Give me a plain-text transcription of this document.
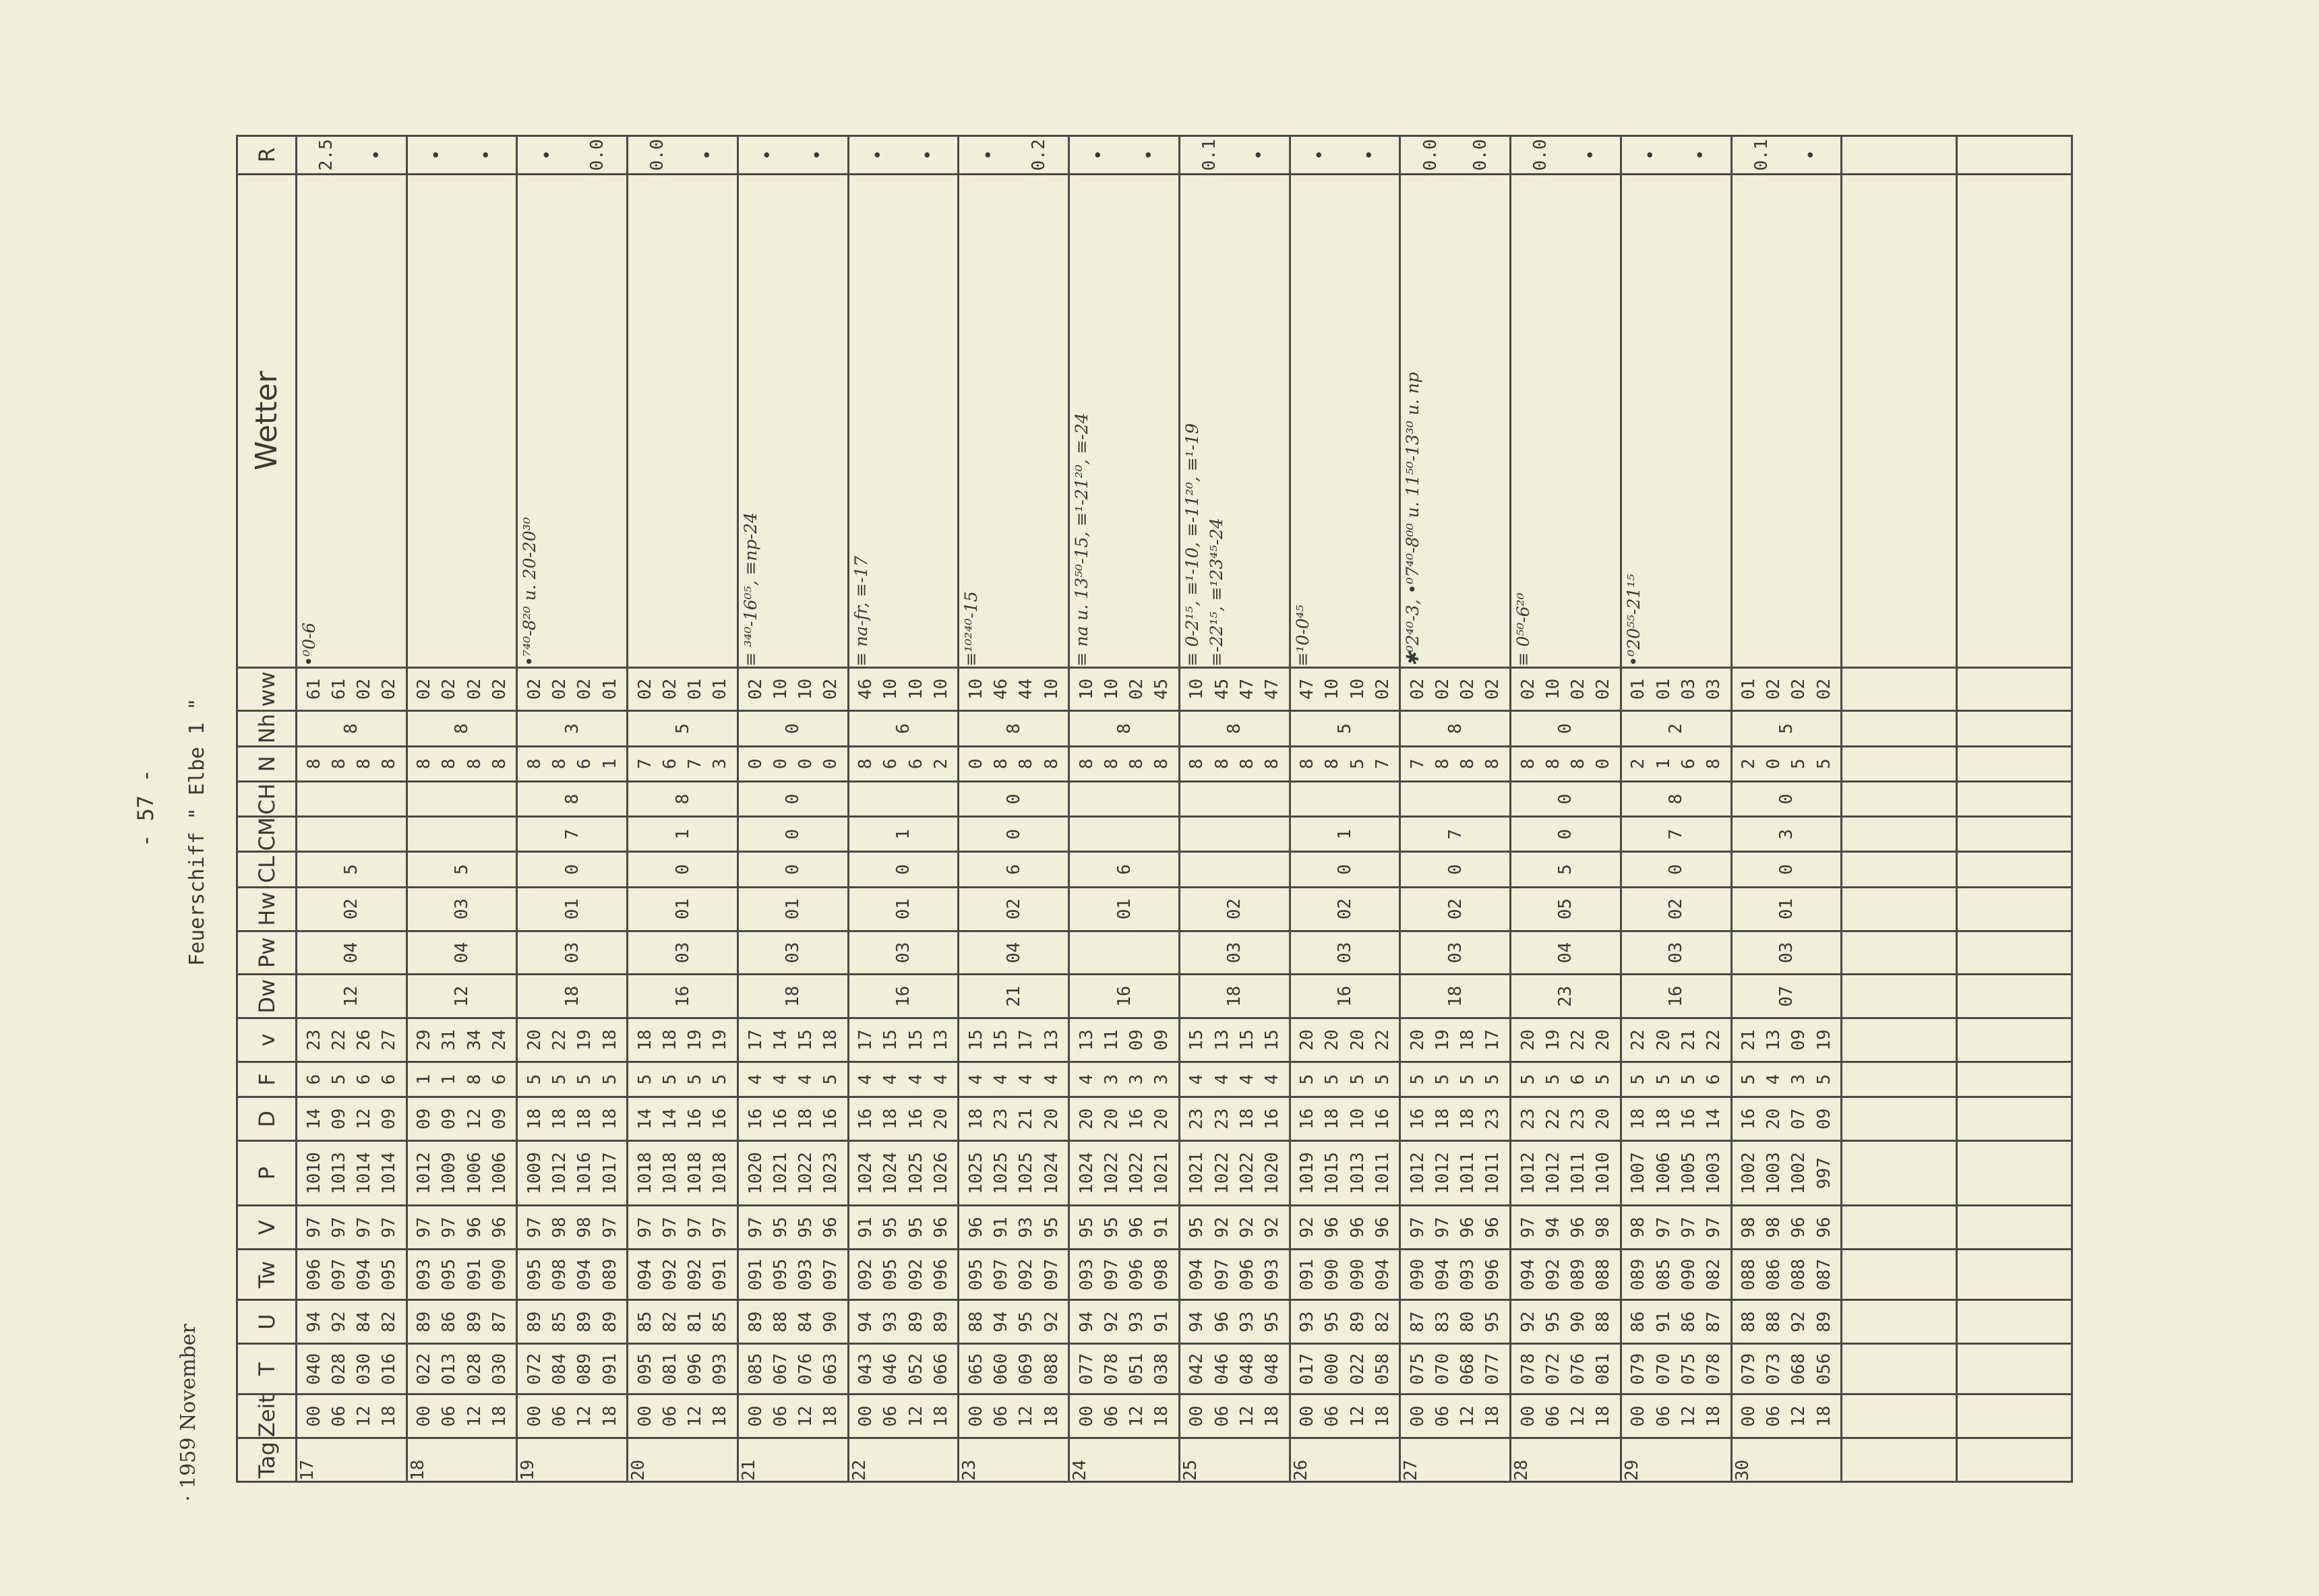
- 57 - Feuerschiff " Elbe 1 "
· 1959 November Tag	Zeit	T	U	Tw	V	P	D	F	v	Dw	Pw	Hw	CL	CM	CH	N	Nh	ww	Wetter	R
17	00 06 12 18	040 028 030 016	94 92 84 82	096 097 094 095	97 97 97 97	1010 1013 1014 1014	14 09 12 09	6 5 6 6	23 22 26 27	12	04	02	5			8 8 8 8	8	61 61 02 02	•⁰0-6	2.5 •

18	00 06 12 18	022 013 028 030	89 86 89 87	093 095 091 090	97 97 96 96	1012 1009 1006 1006	09 09 12 09	1 1 8 6	29 31 34 24	12	04	03	5			8 8 8 8	8	02 02 02 02		• •

19	00 06 12 18	072 084 089 091	89 85 89 89	095 098 094 089	97 98 98 97	1009 1012 1016 1017	18 18 18 18	5 5 5 5	20 22 19 18	18	03	01	0	7	8	8 8 6 1	3	02 02 02 01	•⁷⁴⁰-8²⁰ u. 20-20³⁰	• 0.0

20	00 06 12 18	095 081 096 093	85 82 81 85	094 092 092 091	97 97 97 97	1018 1018 1018 1018	14 14 16 16	5 5 5 5	18 18 19 19	16	03	01	0	1	8	7 6 7 3	5	02 02 01 01		0.0 •

21	00 06 12 18	085 067 076 063	89 88 84 90	091 095 093 097	97 95 95 96	1020 1021 1022 1023	16 16 18 16	4 4 4 5	17 14 15 18	18	03	01	0	0	0	0 0 0 0	0	02 10 10 02	≡ ³⁴⁰-16⁰⁵, ≡np-24	• •

22	00 06 12 18	043 046 052 066	94 93 89 89	092 095 092 096	91 95 95 96	1024 1024 1025 1026	16 18 16 20	4 4 4 4	17 15 15 13	16	03	01	0	1		8 6 6 2	6	46 10 10 10	≡ na-fr, ≡-17	• •

23	00 06 12 18	065 060 069 088	88 94 95 92	095 097 092 097	96 91 93 95	1025 1025 1025 1024	18 23 21 20	4 4 4 4	15 15 17 13	21	04	02	6	0	0	0 8 8 8	8	10 46 44 10	≡¹⁰²⁴⁰-15	• 0.2

24	00 06 12 18	077 078 051 038	94 92 93 91	093 097 096 098	95 95 96 91	1024 1022 1022 1021	20 20 16 20	4 3 3 3	13 11 09 09	16		01	6			8 8 8 8	8	10 10 02 45	≡ na u. 13⁵⁰-15, ≡¹-21²⁰, ≡-24	• •

25	00 06 12 18	042 046 048 048	94 96 93 95	094 097 096 093	95 92 92 92	1021 1022 1022 1020	23 23 18 16	4 4 4 4	15 13 15 15	18	03	02				8 8 8 8	8	10 45 47 47	≡ 0-2¹⁵, ≡¹-10, ≡-11²⁰, ≡¹-19 ≡-22¹⁵, ≡¹23⁴⁵-24	0.1 •

26	00 06 12 18	017 000 022 058	93 95 89 82	091 090 090 094	92 96 96 96	1019 1015 1013 1011	16 18 10 16	5 5 5 5	20 20 20 22	16	03	02	0	1		8 8 5 7	5	47 10 10 02	≡¹0-0⁴⁵	• •

27	00 06 12 18	075 070 068 077	87 83 80 95	090 094 093 096	97 97 96 96	1012 1012 1011 1011	16 18 18 23	5 5 5 5	20 19 18 17	18	03	02	0	7		7 8 8 8	8	02 02 02 02	✱⁰2⁴⁰-3, •⁰7⁴⁰-8⁰⁰ u. 11⁵⁰-13³⁰ u. np	0.0 0.0

28	00 06 12 18	078 072 076 081	92 95 90 88	094 092 089 088	97 94 96 98	1012 1012 1011 1010	23 22 23 20	5 5 6 5	20 19 22 20	23	04	05	5	0	0	8 8 8 0	0	02 10 02 02	≡ 0⁵⁰-6²⁰	0.0 •

29	00 06 12 18	079 070 075 078	86 91 86 87	089 085 090 082	98 97 97 97	1007 1006 1005 1003	18 18 16 14	5 5 5 6	22 20 21 22	16	03	02	0	7	8	2 1 6 8	2	01 01 03 03	•⁰20⁵⁵-21¹⁵	• •

30	00 06 12 18	079 073 068 056	88 88 92 89	088 086 088 087	98 98 96 96	1002 1003 1002 997	16 20 07 09	5 4 3 5	21 13 09 19	07	03	01	0	3	0	2 0 5 5	5	01 02 02 02		0.1 •
